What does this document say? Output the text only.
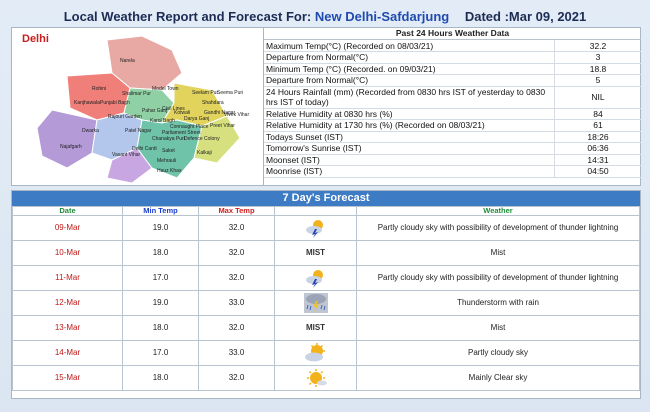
Local Weather Report and Forecast For: New Delhi-Safdarjung Dated :Mar 09, 2021
Delhi
Narela
Model Town
Shalimar Pur
Punjabi Bagh
Rajouri Garden
Kanjhawala
Najafgarh
Patel Nagar
Civil Lines
Karol Bagh
Shahdara
Gandhi Nagar
Preet Vihar
Delhi Cantt
Vasant Vihar
Saket	Kalkaji
Defence Colony
Chanakya Puri
Darya Ganj
Connaught Place
Hauz Khas
Rohini
Seelam Pur
Seema Puri
Pahar Ganj Kotwali
Parliament Street
Vivek Vihar
Mehrauli
Dwarka
Past 24 Hours Weather Data
Maximum Temp(°C) (Recorded on 08/03/21)	32.2
Departure from Normal(°C)	3
Minimum Temp (°C) (Recorded. on 09/03/21)	18.8
Departure from Normal(°C)	5
24 Hours Rainfall (mm) (Recorded from 0830 hrs IST of yesterday to 0830 hrs IST of today)	NIL
Relative Humidity at 0830 hrs (%)	84
Relative Humidity at 1730 hrs (%) (Recorded on 08/03/21)	61
Todays Sunset (IST)	18:26
Tomorrow's Sunrise (IST)	06:36
Moonset (IST)	14:31
Moonrise (IST)	04:50
7 Day's Forecast
Date	Min Temp	Max Temp		Weather
09-Mar	19.0	32.0		Partly cloudy sky with possibility of development of thunder lightning
10-Mar	18.0	32.0	MIST	Mist
11-Mar	17.0	32.0		Partly cloudy sky with possibility of development of thunder lightning
12-Mar	19.0	33.0		Thunderstorm with rain
13-Mar	18.0	32.0	MIST	Mist
14-Mar	17.0	33.0		Partly cloudy sky
15-Mar	18.0	32.0		Mainly Clear sky
